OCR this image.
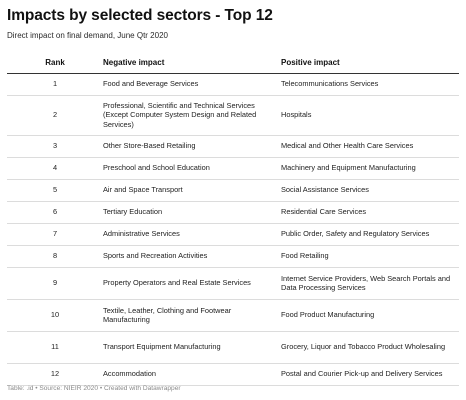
Impacts by selected sectors - Top 12
Direct impact on final demand, June Qtr 2020
Rank	Negative impact	Positive impact
1	Food and Beverage Services	Telecommunications Services
2	Professional, Scientific and Technical Services (Except Computer System Design and Related Services)	Hospitals
3	Other Store-Based Retailing	Medical and Other Health Care Services
4	Preschool and School Education	Machinery and Equipment Manufacturing
5	Air and Space Transport	Social Assistance Services
6	Tertiary Education	Residential Care Services
7	Administrative Services	Public Order, Safety and Regulatory Services
8	Sports and Recreation Activities	Food Retailing
9	Property Operators and Real Estate Services	Internet Service Providers, Web Search Portals and Data Processing Services
10	Textile, Leather, Clothing and Footwear Manufacturing	Food Product Manufacturing
11	Transport Equipment Manufacturing	Grocery, Liquor and Tobacco Product Wholesaling
12	Accommodation	Postal and Courier Pick-up and Delivery Services
Table: .id • Source: NIEIR 2020 • Created with Datawrapper
